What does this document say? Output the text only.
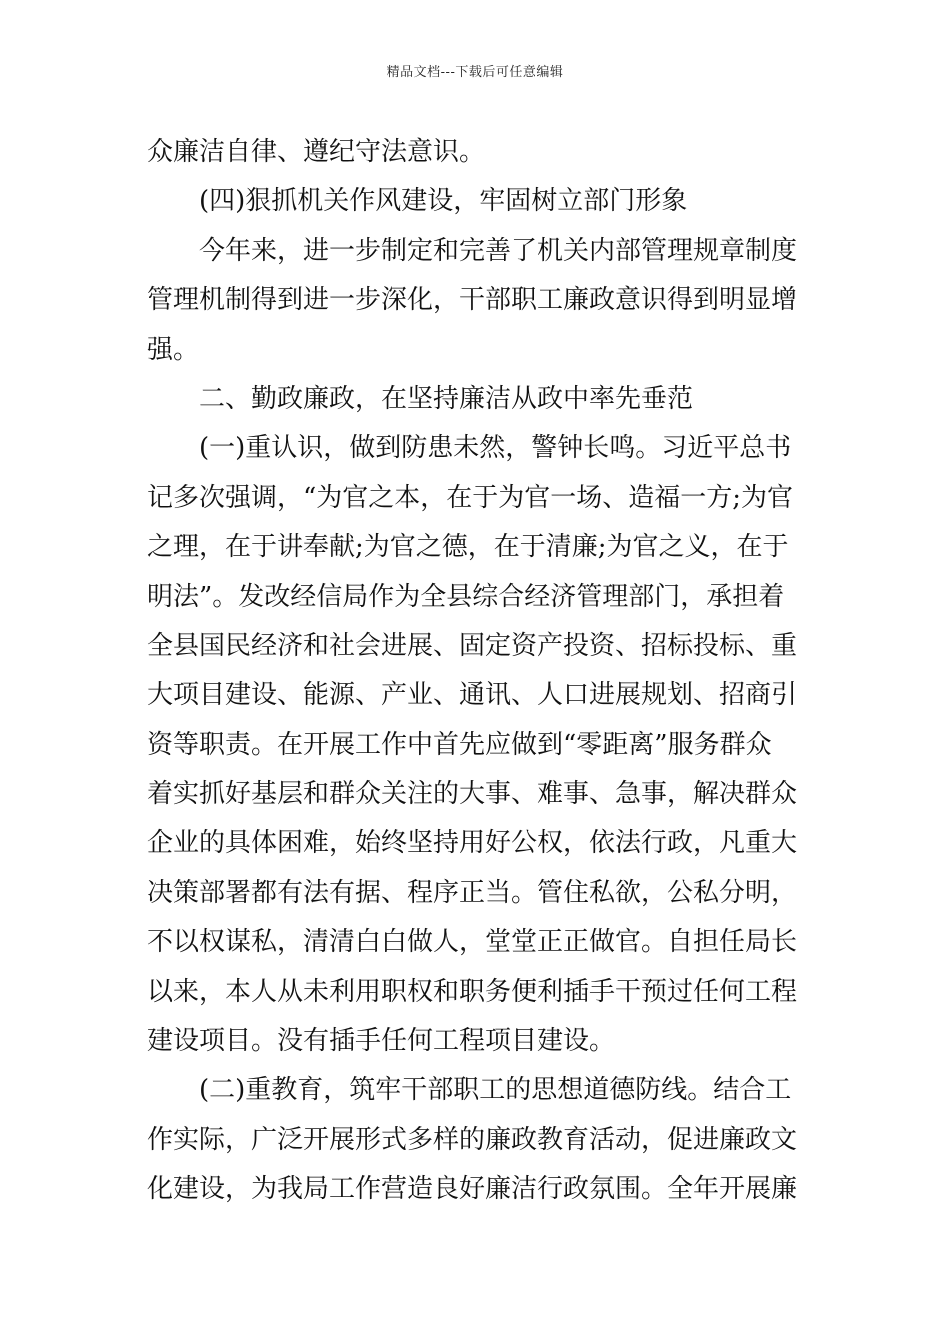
精品文档---下载后可任意编辑
众廉洁自律、遵纪守法意识。
(四)狠抓机关作风建设，牢固树立部门形象
今年来，进一步制定和完善了机关内部管理规章制度
管理机制得到进一步深化，干部职工廉政意识得到明显增
强。
二、勤政廉政，在坚持廉洁从政中率先垂范
(一)重认识，做到防患未然，警钟长鸣。习近平总书
记多次强调，“为官之本，在于为官一场、造福一方;为官
之理，在于讲奉献;为官之德，在于清廉;为官之义，在于
明法”。发改经信局作为全县综合经济管理部门，承担着
全县国民经济和社会进展、固定资产投资、招标投标、重
大项目建设、能源、产业、通讯、人口进展规划、招商引
资等职责。在开展工作中首先应做到“零距离”服务群众
着实抓好基层和群众关注的大事、难事、急事，解决群众
企业的具体困难，始终坚持用好公权，依法行政，凡重大
决策部署都有法有据、程序正当。管住私欲，公私分明，
不以权谋私，清清白白做人，堂堂正正做官。自担任局长
以来，本人从未利用职权和职务便利插手干预过任何工程
建设项目。没有插手任何工程项目建设。
(二)重教育，筑牢干部职工的思想道德防线。结合工
作实际，广泛开展形式多样的廉政教育活动，促进廉政文
化建设，为我局工作营造良好廉洁行政氛围。全年开展廉
